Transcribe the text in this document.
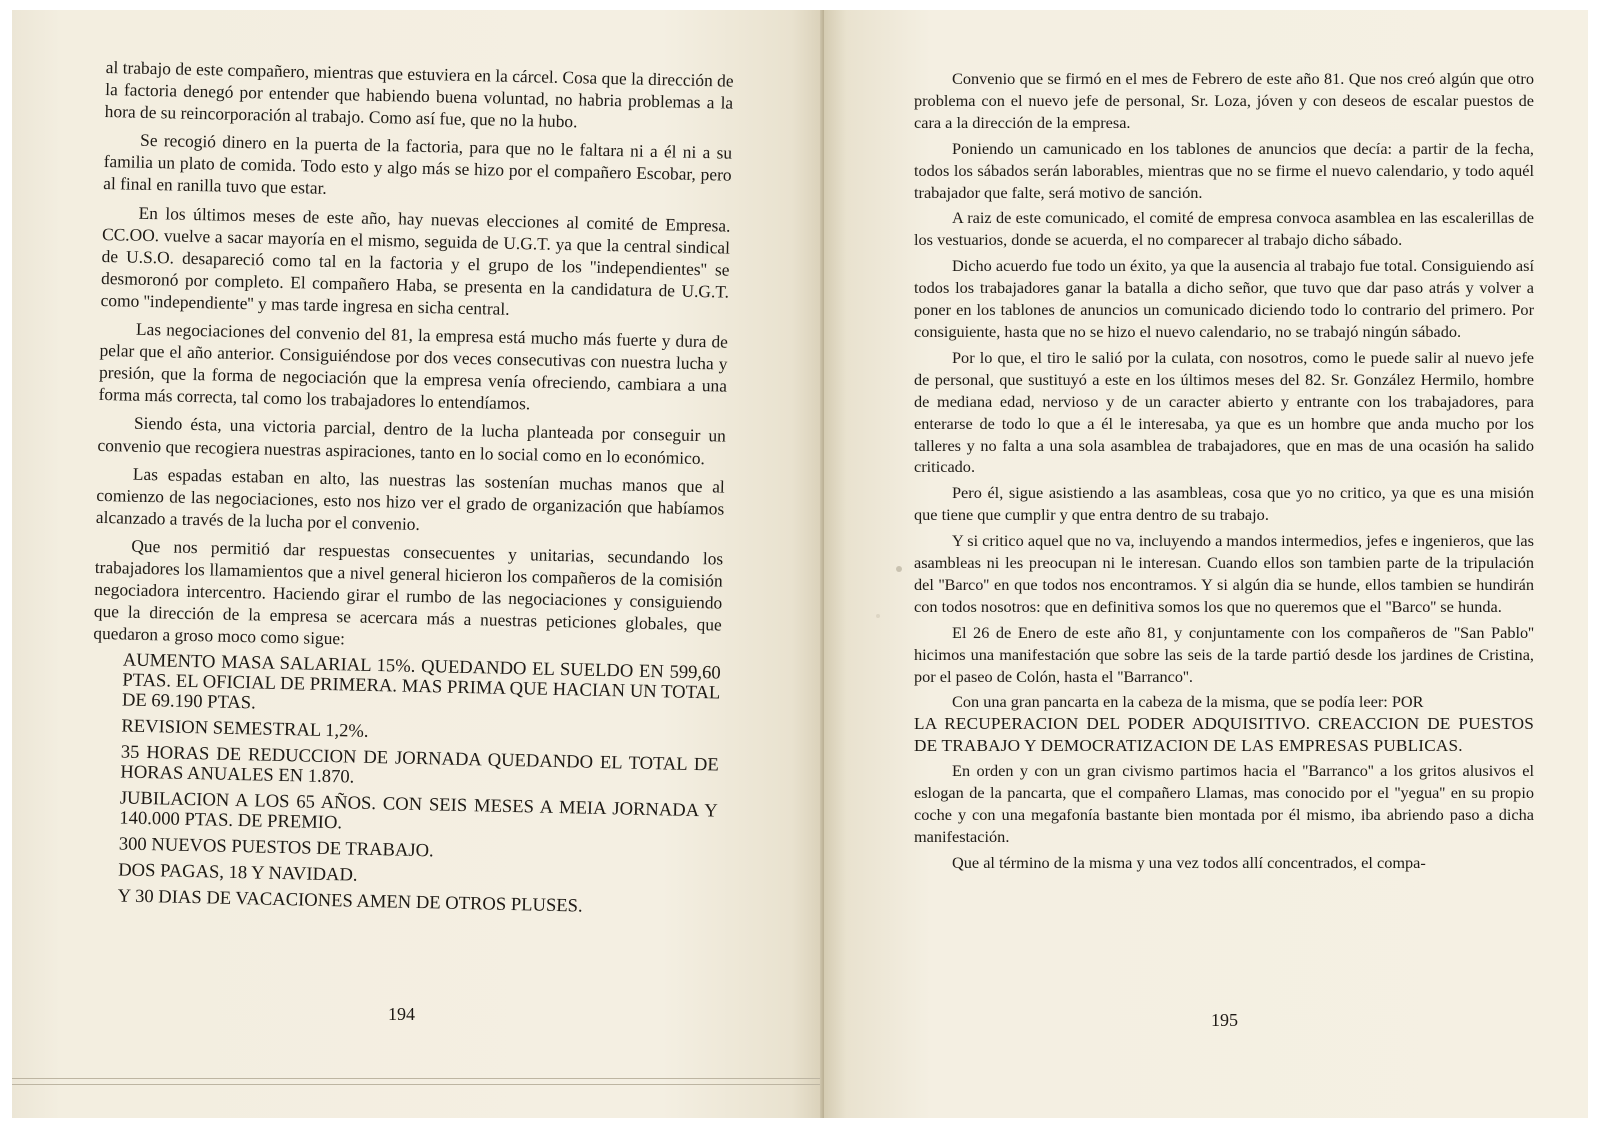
al trabajo de este compañero, mientras que estuviera en la cárcel. Cosa que la dirección de la factoria denegó por entender que habiendo buena voluntad, no habria problemas a la hora de su reincorporación al trabajo. Como así fue, que no la hubo.

Se recogió dinero en la puerta de la factoria, para que no le faltara ni a él ni a su familia un plato de comida. Todo esto y algo más se hizo por el compañero Escobar, pero al final en ranilla tuvo que estar.

En los últimos meses de este año, hay nuevas elecciones al comité de Empresa. CC.OO. vuelve a sacar mayoría en el mismo, seguida de U.G.T. ya que la central sindical de U.S.O. desapareció como tal en la factoria y el grupo de los ''independientes'' se desmoronó por completo. El compañero Haba, se presenta en la candidatura de U.G.T. como ''independiente'' y mas tarde ingresa en sicha central.

Las negociaciones del convenio del 81, la empresa está mucho más fuerte y dura de pelar que el año anterior. Consiguiéndose por dos veces consecutivas con nuestra lucha y presión, que la forma de negociación que la empresa venía ofreciendo, cambiara a una forma más correcta, tal como los trabajadores lo entendíamos.

Siendo ésta, una victoria parcial, dentro de la lucha planteada por conseguir un convenio que recogiera nuestras aspiraciones, tanto en lo social como en lo económico.

Las espadas estaban en alto, las nuestras las sostenían muchas manos que al comienzo de las negociaciones, esto nos hizo ver el grado de organización que habíamos alcanzado a través de la lucha por el convenio.

Que nos permitió dar respuestas consecuentes y unitarias, secundando los trabajadores los llamamientos que a nivel general hicieron los compañeros de la comisión negociadora intercentro. Haciendo girar el rumbo de las negociaciones y consiguiendo que la dirección de la empresa se acercara más a nuestras peticiones globales, que quedaron a groso moco como sigue:

AUMENTO MASA SALARIAL 15%. QUEDANDO EL SUELDO EN 599,60 PTAS. EL OFICIAL DE PRIMERA. MAS PRIMA QUE HACIAN UN TOTAL DE 69.190 PTAS.
REVISION SEMESTRAL 1,2%.
35 HORAS DE REDUCCION DE JORNADA QUEDANDO EL TOTAL DE HORAS ANUALES EN 1.870.
JUBILACION A LOS 65 AÑOS. CON SEIS MESES A MEIA JORNADA Y 140.000 PTAS. DE PREMIO.
300 NUEVOS PUESTOS DE TRABAJO.
DOS PAGAS, 18 Y NAVIDAD.
Y 30 DIAS DE VACACIONES AMEN DE OTROS PLUSES.
194

Convenio que se firmó en el mes de Febrero de este año 81. Que nos creó algún que otro problema con el nuevo jefe de personal, Sr. Loza, jóven y con deseos de escalar puestos de cara a la dirección de la empresa.

Poniendo un camunicado en los tablones de anuncios que decía: a partir de la fecha, todos los sábados serán laborables, mientras que no se firme el nuevo calendario, y todo aquél trabajador que falte, será motivo de sanción.

A raiz de este comunicado, el comité de empresa convoca asamblea en las escalerillas de los vestuarios, donde se acuerda, el no comparecer al trabajo dicho sábado.

Dicho acuerdo fue todo un éxito, ya que la ausencia al trabajo fue total. Consiguiendo así todos los trabajadores ganar la batalla a dicho señor, que tuvo que dar paso atrás y volver a poner en los tablones de anuncios un comunicado diciendo todo lo contrario del primero. Por consiguiente, hasta que no se hizo el nuevo calendario, no se trabajó ningún sábado.

Por lo que, el tiro le salió por la culata, con nosotros, como le puede salir al nuevo jefe de personal, que sustituyó a este en los últimos meses del 82. Sr. González Hermilo, hombre de mediana edad, nervioso y de un caracter abierto y entrante con los trabajadores, para enterarse de todo lo que a él le interesaba, ya que es un hombre que anda mucho por los talleres y no falta a una sola asamblea de trabajadores, que en mas de una ocasión ha salido criticado.

Pero él, sigue asistiendo a las asambleas, cosa que yo no critico, ya que es una misión que tiene que cumplir y que entra dentro de su trabajo.

Y si critico aquel que no va, incluyendo a mandos intermedios, jefes e ingenieros, que las asambleas ni les preocupan ni le interesan. Cuando ellos son tambien parte de la tripulación del ''Barco'' en que todos nos encontramos. Y si algún dia se hunde, ellos tambien se hundirán con todos nosotros: que en definitiva somos los que no queremos que el ''Barco'' se hunda.

El 26 de Enero de este año 81, y conjuntamente con los compañeros de ''San Pablo'' hicimos una manifestación que sobre las seis de la tarde partió desde los jardines de Cristina, por el paseo de Colón, hasta el ''Barranco''.

Con una gran pancarta en la cabeza de la misma, que se podía leer: POR
LA RECUPERACION DEL PODER ADQUISITIVO. CREACCION DE PUESTOS DE TRABAJO Y DEMOCRATIZACION DE LAS EMPRESAS PUBLICAS.

En orden y con un gran civismo partimos hacia el ''Barranco'' a los gritos alusivos el eslogan de la pancarta, que el compañero Llamas, mas conocido por el ''yegua'' en su propio coche y con una megafonía bastante bien montada por él mismo, iba abriendo paso a dicha manifestación.

Que al término de la misma y una vez todos allí concentrados, el compa-

195
